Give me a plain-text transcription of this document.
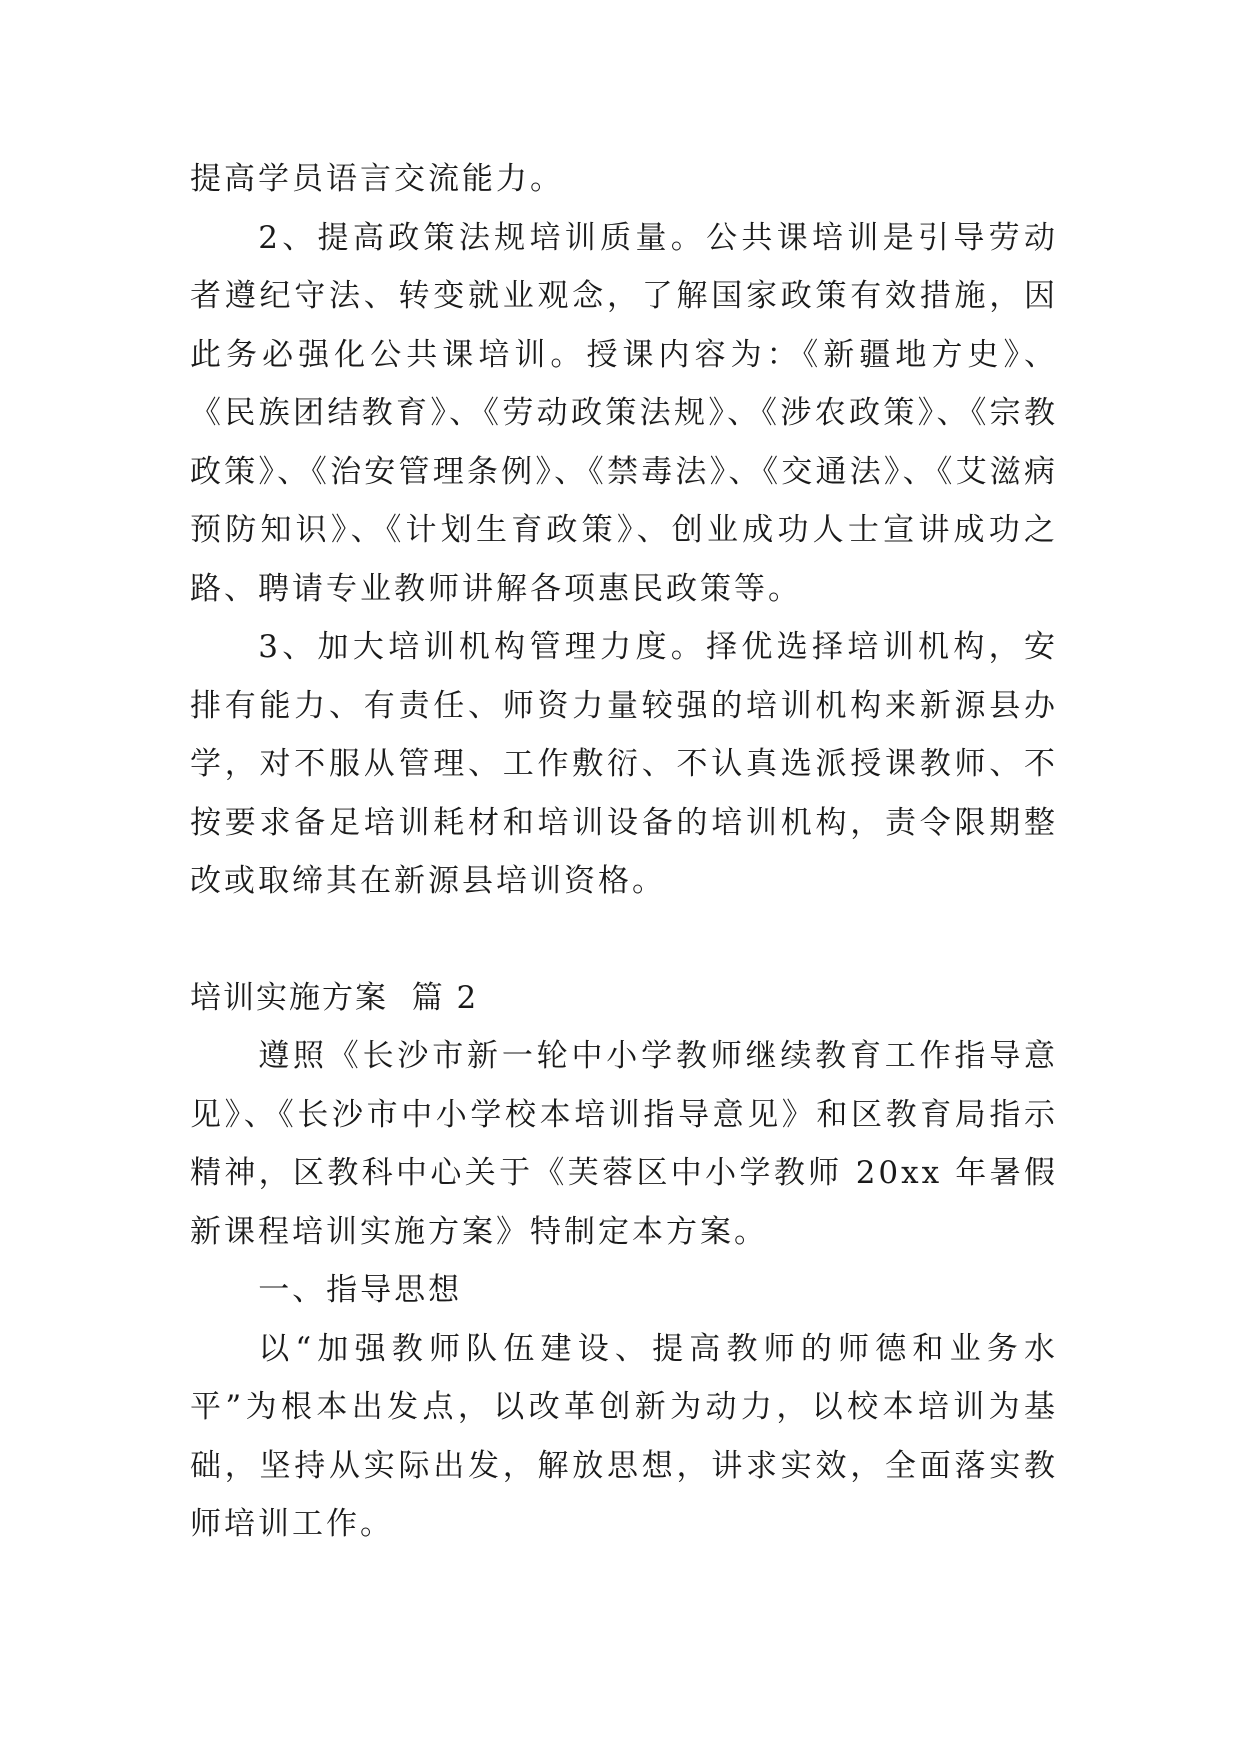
提高学员语言交流能力。

2、提高政策法规培训质量。公共课培训是引导劳动者遵纪守法、转变就业观念，了解国家政策有效措施，因此务必强化公共课培训。授课内容为：《新疆地方史》、《民族团结教育》、《劳动政策法规》、《涉农政策》、《宗教政策》、《治安管理条例》、《禁毒法》、《交通法》、《艾滋病预防知识》、《计划生育政策》、创业成功人士宣讲成功之路、聘请专业教师讲解各项惠民政策等。

3、加大培训机构管理力度。择优选择培训机构，安排有能力、有责任、师资力量较强的培训机构来新源县办学，对不服从管理、工作敷衍、不认真选派授课教师、不按要求备足培训耗材和培训设备的培训机构，责令限期整改或取缔其在新源县培训资格。

培训实施方案  篇 2

遵照《长沙市新一轮中小学教师继续教育工作指导意见》、《长沙市中小学校本培训指导意见》和区教育局指示精神，区教科中心关于《芙蓉区中小学教师 20xx 年暑假新课程培训实施方案》特制定本方案。

一、指导思想

以“加强教师队伍建设、提高教师的师德和业务水平”为根本出发点，以改革创新为动力，以校本培训为基础，坚持从实际出发，解放思想，讲求实效，全面落实教师培训工作。
